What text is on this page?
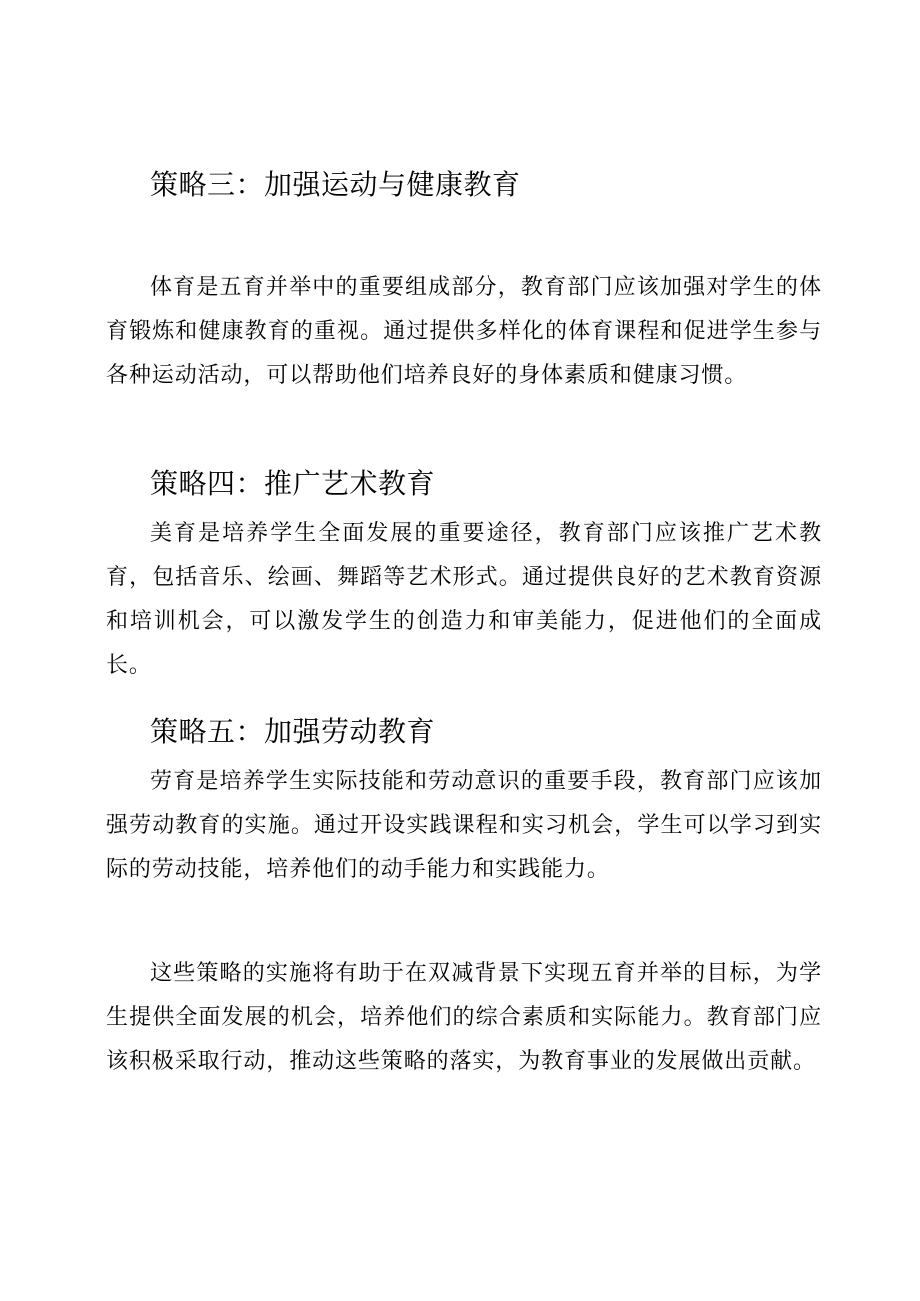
策略三：加强运动与健康教育

体育是五育并举中的重要组成部分，教育部门应该加强对学生的体育锻炼和健康教育的重视。通过提供多样化的体育课程和促进学生参与各种运动活动，可以帮助他们培养良好的身体素质和健康习惯。

策略四：推广艺术教育

美育是培养学生全面发展的重要途径，教育部门应该推广艺术教育，包括音乐、绘画、舞蹈等艺术形式。通过提供良好的艺术教育资源和培训机会，可以激发学生的创造力和审美能力，促进他们的全面成长。

策略五：加强劳动教育

劳育是培养学生实际技能和劳动意识的重要手段，教育部门应该加强劳动教育的实施。通过开设实践课程和实习机会，学生可以学习到实际的劳动技能，培养他们的动手能力和实践能力。

这些策略的实施将有助于在双减背景下实现五育并举的目标，为学生提供全面发展的机会，培养他们的综合素质和实际能力。教育部门应该积极采取行动，推动这些策略的落实，为教育事业的发展做出贡献。
